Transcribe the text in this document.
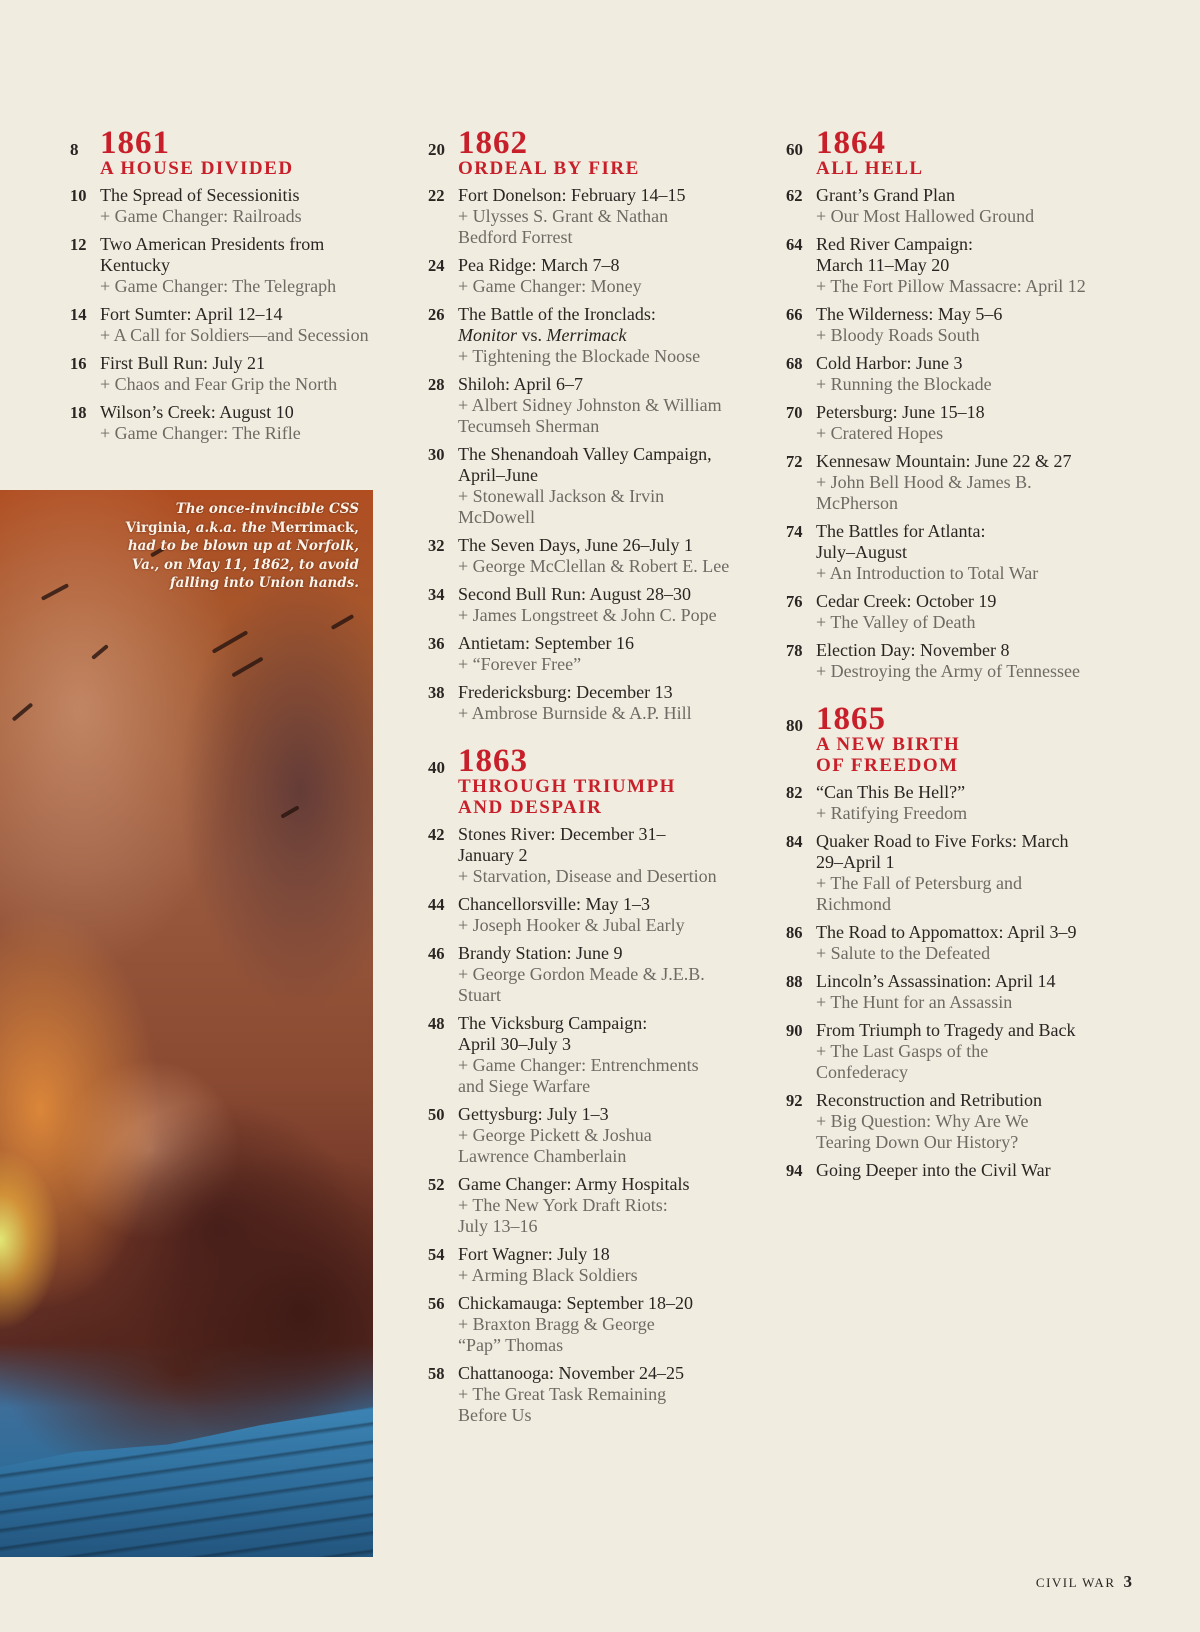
8 1861
A HOUSE DIVIDED
10 The Spread of Secessionitis
+ Game Changer: Railroads
12 Two American Presidents from
Kentucky
+ Game Changer: The Telegraph
14 Fort Sumter: April 12–14
+ A Call for Soldiers—and Secession
16 First Bull Run: July 21
+ Chaos and Fear Grip the North
18 Wilson’s Creek: August 10
+ Game Changer: The Rifle
20 1862
ORDEAL BY FIRE
22 Fort Donelson: February 14–15
+ Ulysses S. Grant & Nathan
Bedford Forrest
24 Pea Ridge: March 7–8
+ Game Changer: Money
26 The Battle of the Ironclads:
Monitor vs. Merrimack
+ Tightening the Blockade Noose
28 Shiloh: April 6–7
+ Albert Sidney Johnston & William
Tecumseh Sherman
30 The Shenandoah Valley Campaign,
April–June
+ Stonewall Jackson & Irvin
McDowell
32 The Seven Days, June 26–July 1
+ George McClellan & Robert E. Lee
34 Second Bull Run: August 28–30
+ James Longstreet & John C. Pope
36 Antietam: September 16
+ “Forever Free”
38 Fredericksburg: December 13
+ Ambrose Burnside & A.P. Hill
40 1863
THROUGH TRIUMPH
AND DESPAIR
42 Stones River: December 31–
January 2
+ Starvation, Disease and Desertion
44 Chancellorsville: May 1–3
+ Joseph Hooker & Jubal Early
46 Brandy Station: June 9
+ George Gordon Meade & J.E.B.
Stuart
48 The Vicksburg Campaign:
April 30–July 3
+ Game Changer: Entrenchments
and Siege Warfare
50 Gettysburg: July 1–3
+ George Pickett & Joshua
Lawrence Chamberlain
52 Game Changer: Army Hospitals
+ The New York Draft Riots:
July 13–16
54 Fort Wagner: July 18
+ Arming Black Soldiers
56 Chickamauga: September 18–20
+ Braxton Bragg & George
“Pap” Thomas
58 Chattanooga: November 24–25
+ The Great Task Remaining
Before Us
60 1864
ALL HELL
62 Grant’s Grand Plan
+ Our Most Hallowed Ground
64 Red River Campaign:
March 11–May 20
+ The Fort Pillow Massacre: April 12
66 The Wilderness: May 5–6
+ Bloody Roads South
68 Cold Harbor: June 3
+ Running the Blockade
70 Petersburg: June 15–18
+ Cratered Hopes
72 Kennesaw Mountain: June 22 & 27
+ John Bell Hood & James B.
McPherson
74 The Battles for Atlanta:
July–August
+ An Introduction to Total War
76 Cedar Creek: October 19
+ The Valley of Death
78 Election Day: November 8
+ Destroying the Army of Tennessee
80 1865
A NEW BIRTH
OF FREEDOM
82 “Can This Be Hell?”
+ Ratifying Freedom
84 Quaker Road to Five Forks: March
29–April 1
+ The Fall of Petersburg and
Richmond
86 The Road to Appomattox: April 3–9
+ Salute to the Defeated
88 Lincoln’s Assassination: April 14
+ The Hunt for an Assassin
90 From Triumph to Tragedy and Back
+ The Last Gasps of the
Confederacy
92 Reconstruction and Retribution
+ Big Question: Why Are We
Tearing Down Our History?
94 Going Deeper into the Civil War
The once-invincible CSS
Virginia, a.k.a. the Merrimack,
had to be blown up at Norfolk,
Va., on May 11, 1862, to avoid
falling into Union hands.
CIVIL WAR 3
